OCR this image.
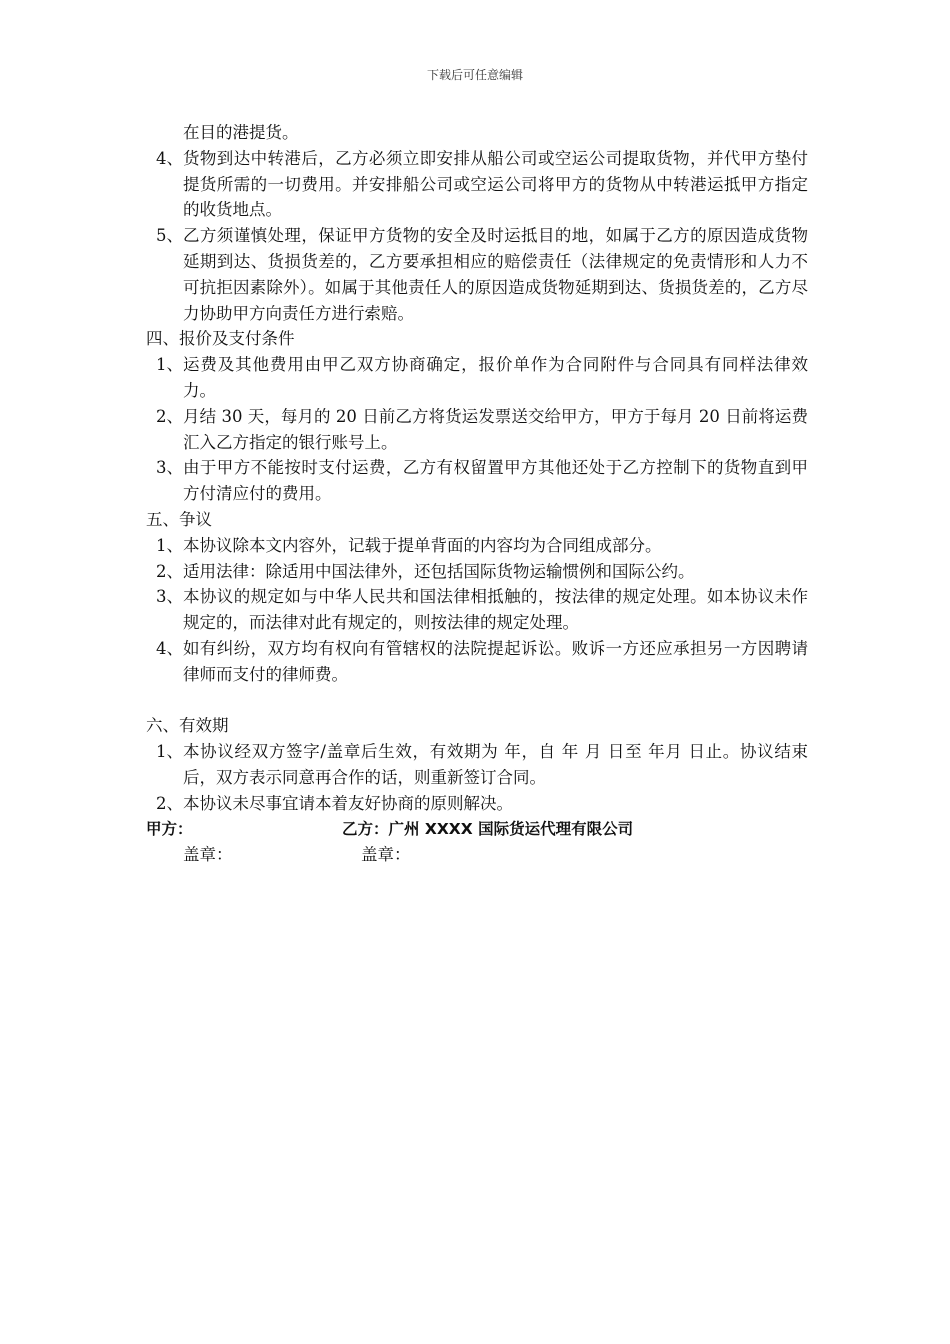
下载后可任意编辑
在目的港提货。
4、 货物到达中转港后，乙方必须立即安排从船公司或空运公司提取货物，并代甲方垫付提货所需的一切费用。并安排船公司或空运公司将甲方的货物从中转港运抵甲方指定的收货地点。
5、 乙方须谨慎处理，保证甲方货物的安全及时运抵目的地，如属于乙方的原因造成货物延期到达、货损货差的，乙方要承担相应的赔偿责任（法律规定的免责情形和人力不可抗拒因素除外）。如属于其他责任人的原因造成货物延期到达、货损货差的，乙方尽力协助甲方向责任方进行索赔。
四、报价及支付条件
1、 运费及其他费用由甲乙双方协商确定，报价单作为合同附件与合同具有同样法律效力。
2、 月结 30 天，每月的 20 日前乙方将货运发票送交给甲方，甲方于每月 20 日前将运费汇入乙方指定的银行账号上。
3、 由于甲方不能按时支付运费，乙方有权留置甲方其他还处于乙方控制下的货物直到甲方付清应付的费用。
五、争议
1、 本协议除本文内容外，记载于提单背面的内容均为合同组成部分。
2、 适用法律：除适用中国法律外，还包括国际货物运输惯例和国际公约。
3、 本协议的规定如与中华人民共和国法律相抵触的，按法律的规定处理。如本协议未作规定的，而法律对此有规定的，则按法律的规定处理。
4、 如有纠纷，双方均有权向有管辖权的法院提起诉讼。败诉一方还应承担另一方因聘请律师而支付的律师费。
六、有效期
1、 本协议经双方签字/盖章后生效，有效期为 年，自 年 月 日至 年月 日止。协议结束后，双方表示同意再合作的话，则重新签订合同。
2、 本协议未尽事宜请本着友好协商的原则解决。
甲方：	乙方：广州 XXXX 国际货运代理有限公司
盖章：	盖章：
